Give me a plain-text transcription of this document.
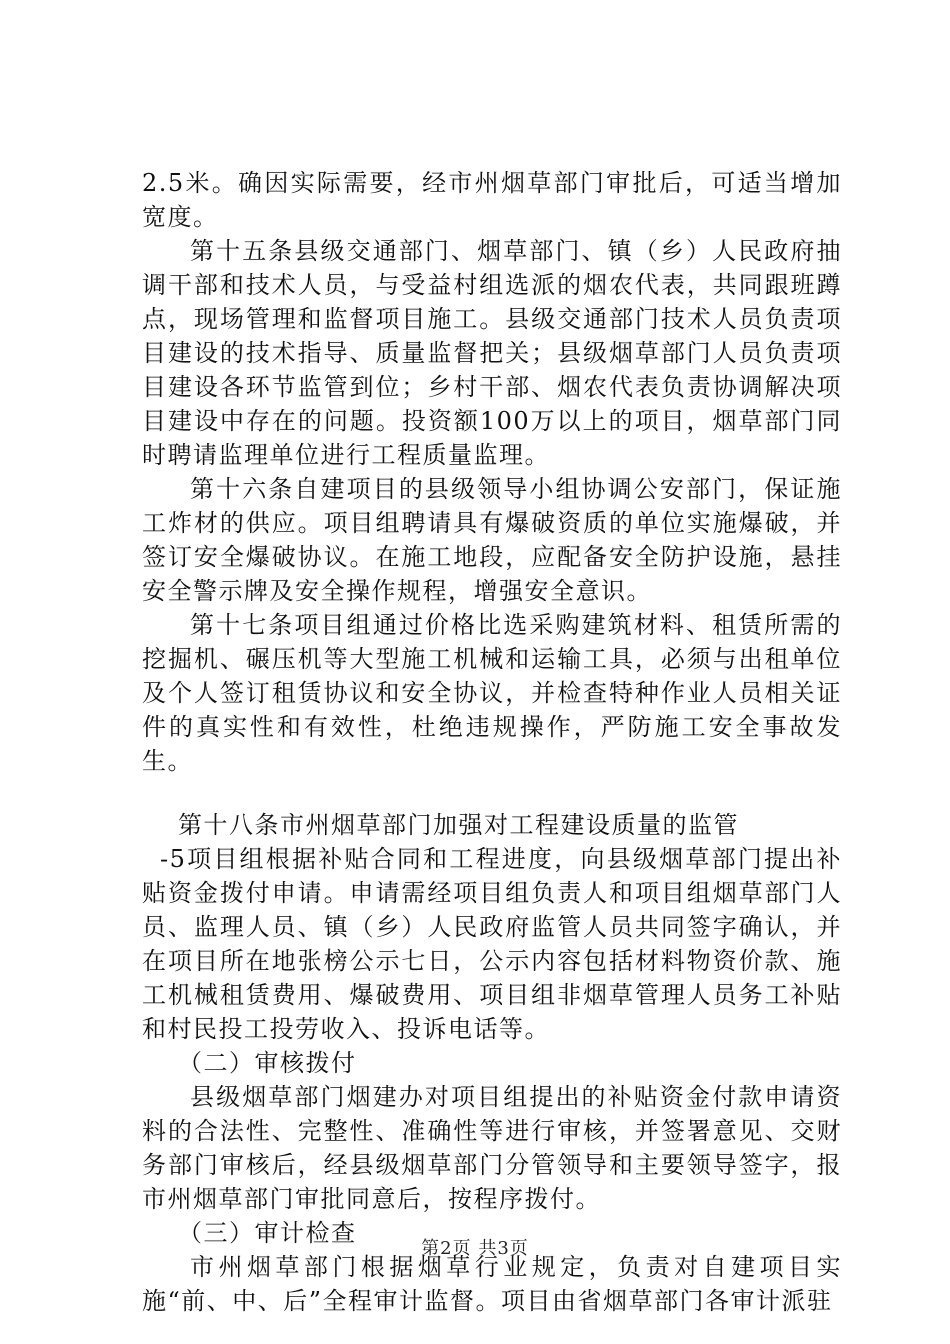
2.5米。确因实际需要，经市州烟草部门审批后，可适当增加宽度。

第十五条县级交通部门、烟草部门、镇（乡）人民政府抽调干部和技术人员，与受益村组选派的烟农代表，共同跟班蹲点，现场管理和监督项目施工。县级交通部门技术人员负责项目建设的技术指导、质量监督把关；县级烟草部门人员负责项目建设各环节监管到位；乡村干部、烟农代表负责协调解决项目建设中存在的问题。投资额100万以上的项目，烟草部门同时聘请监理单位进行工程质量监理。

第十六条自建项目的县级领导小组协调公安部门，保证施工炸材的供应。项目组聘请具有爆破资质的单位实施爆破，并签订安全爆破协议。在施工地段，应配备安全防护设施，悬挂安全警示牌及安全操作规程，增强安全意识。

第十七条项目组通过价格比选采购建筑材料、租赁所需的挖掘机、碾压机等大型施工机械和运输工具，必须与出租单位及个人签订租赁协议和安全协议，并检查特种作业人员相关证件的真实性和有效性，杜绝违规操作，严防施工安全事故发生。

第十八条市州烟草部门加强对工程建设质量的监管

-5项目组根据补贴合同和工程进度，向县级烟草部门提出补贴资金拨付申请。申请需经项目组负责人和项目组烟草部门人员、监理人员、镇（乡）人民政府监管人员共同签字确认，并在项目所在地张榜公示七日，公示内容包括材料物资价款、施工机械租赁费用、爆破费用、项目组非烟草管理人员务工补贴和村民投工投劳收入、投诉电话等。

（二）审核拨付

县级烟草部门烟建办对项目组提出的补贴资金付款申请资料的合法性、完整性、准确性等进行审核，并签署意见、交财务部门审核后，经县级烟草部门分管领导和主要领导签字，报市州烟草部门审批同意后，按程序拨付。

（三）审计检查

市州烟草部门根据烟草行业规定，负责对自建项目实施“前、中、后”全程审计监督。项目由省烟草部门各审计派驻

第2页 共3页
